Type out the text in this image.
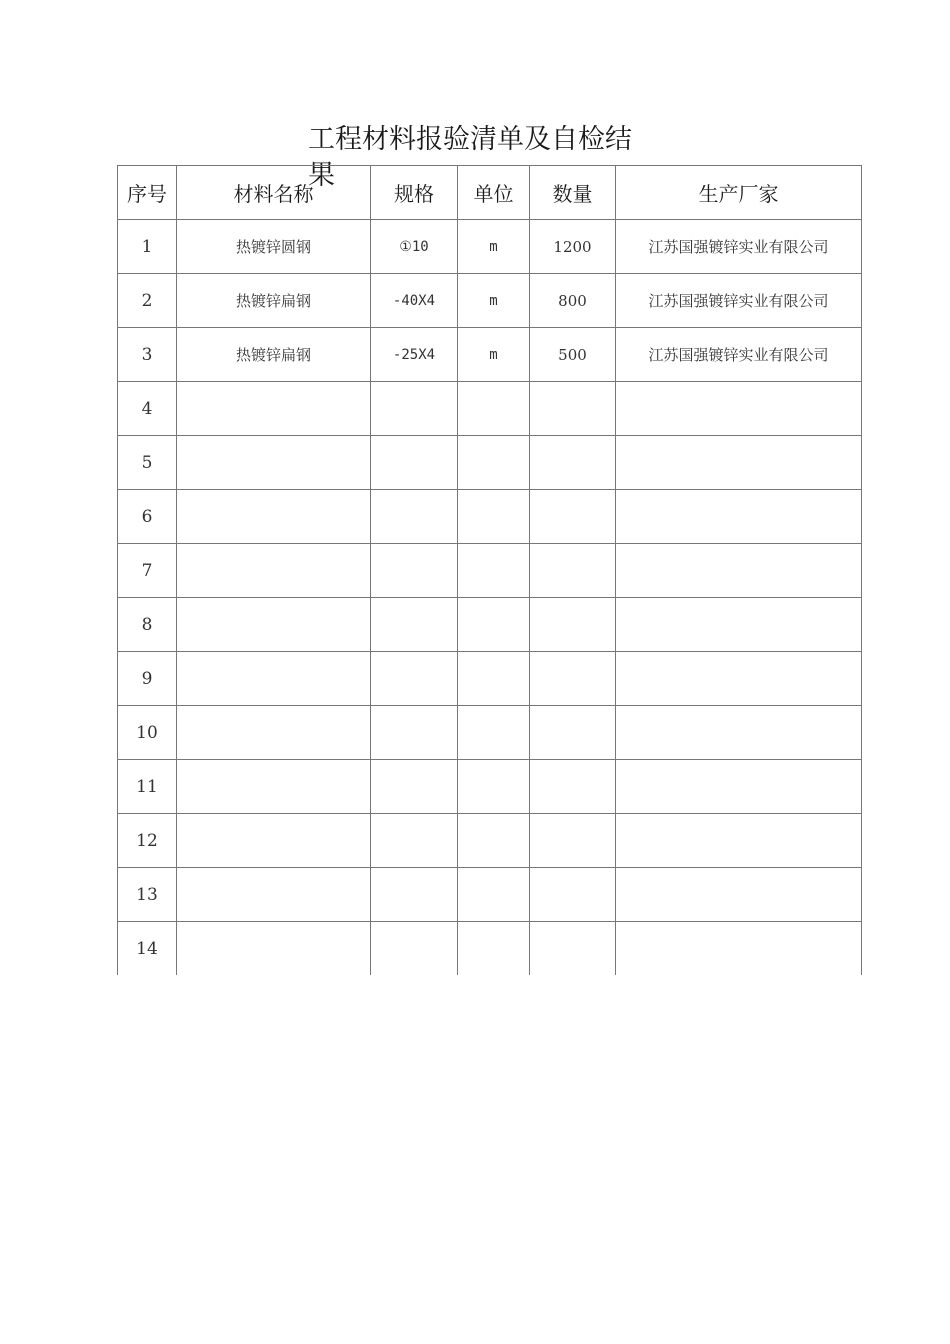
工程材料报验清单及自检结果
序号	材料名称	规格	单位	数量	生产厂家
1	热镀锌圆钢	①10	m	1200	江苏国强镀锌实业有限公司
2	热镀锌扁钢	-40X4	m	800	江苏国强镀锌实业有限公司
3	热镀锌扁钢	-25X4	m	500	江苏国强镀锌实业有限公司
4					
5					
6					
7					
8					
9					
10					
11					
12					
13					
14					
